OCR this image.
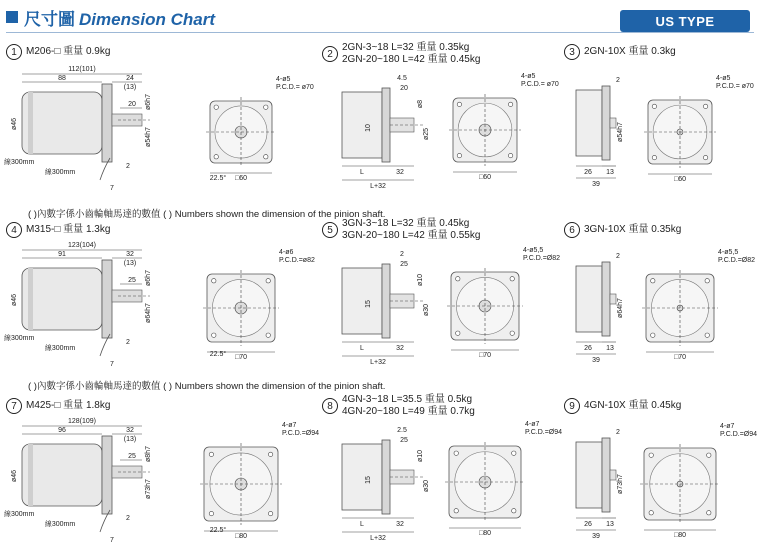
尺寸圖 Dimension Chart	US TYPE
1 M206-□ 重量 0.9kg	2
2GN-3~18 L=32 重量 0.35kg
2GN-20~180 L=42 重量 0.45kg
3 2GN-10X 重量 0.3kg
4 M315-□ 重量 1.3kg	5
3GN-3~18 L=32 重量 0.45kg
3GN-20~180 L=42 重量 0.55kg	6 3GN-10X 重量 0.35kg
7 M425-□ 重量 1.8kg	8
4GN-3~18 L=35.5 重量 0.5kg
4GN-20~180 L=49 重量 0.7kg	9 4GN-10X 重量 0.45kg
( )內數字係小齒輪軸馬達的數值 ( ) Numbers shown the dimension of the pinion shaft.
( )內數字係小齒輪軸馬達的數值 ( ) Numbers shown the dimension of the pinion shaft.
112(101)
88	24
(13)
20 ø6h7
ø54h7
ø46
線300mm
線300mm
2
7
4-ø5
P.C.D.= ø70
□60
22.5°
4.5
20
ø8
ø25
10
L	32
L+32
4-ø5
P.C.D.= ø70
□60
2
ø54h7
26 13
39
4-ø5
P.C.D.= ø70
□60
123(104)
91	32
(13)
25 ø6h7
ø64h7
ø46
線300mm
線300mm
2
7
4-ø6
P.C.D.=ø82
□70
22.5°
2
25
ø10
ø30
15
L	32
L+32
4-ø5,5
P.C.D.=Ø82
□70
2
ø64h7
26 13
39
4-ø5,5
P.C.D.=Ø82
□70
128(109)
96	32
(13)
25 ø8h7
ø73h7
ø46
線300mm
線300mm
2
7
4-ø7
P.C.D.=Ø94
□80
22.5°
2.5
25
ø10
ø30
15
L	32
L+32
4-ø7
P.C.D.=Ø94
□80
2
ø73h7
26 13
39
4-ø7
P.C.D.=Ø94
□80
